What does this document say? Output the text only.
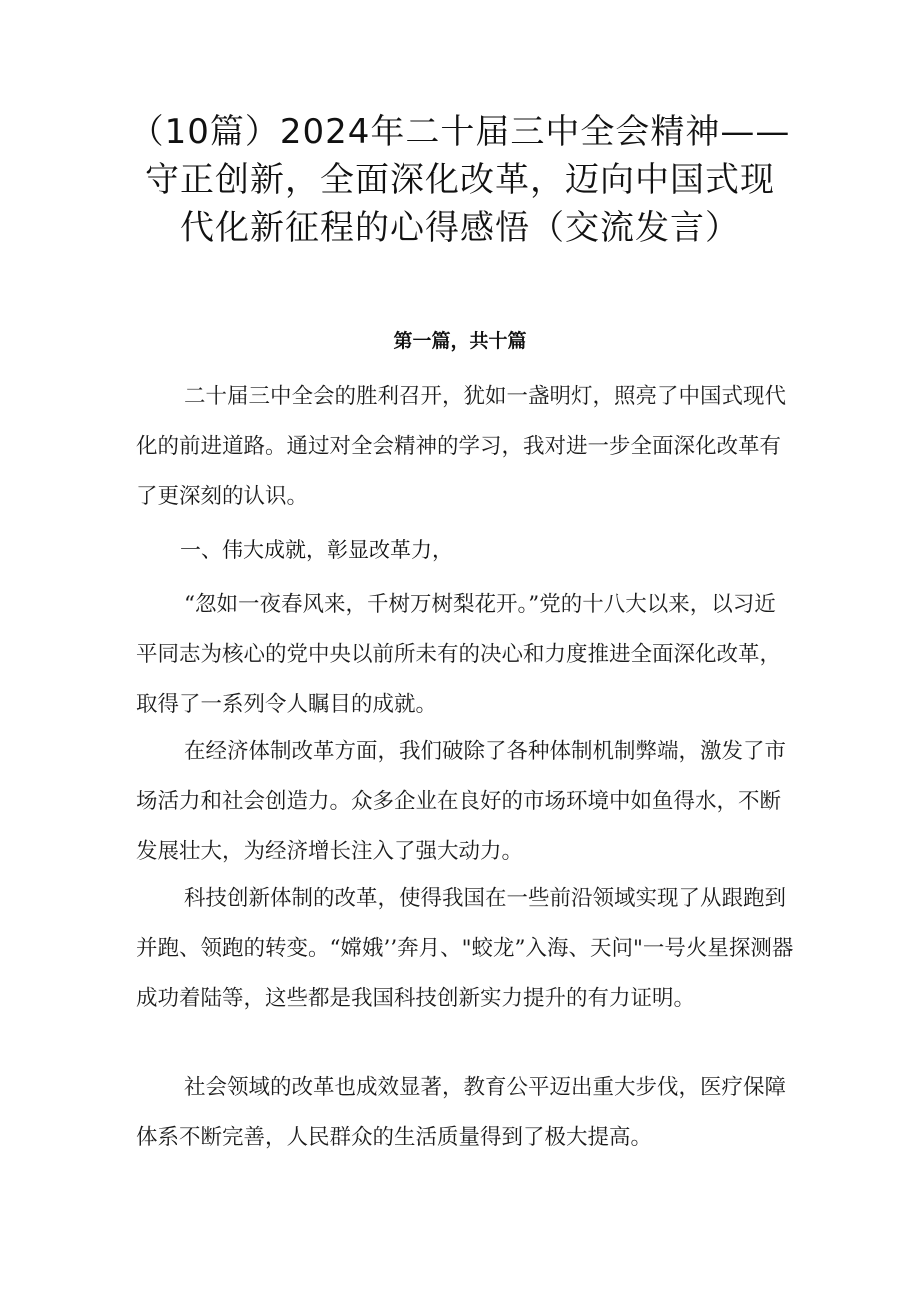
（10篇）2024年二十届三中全会精神——
守正创新，全面深化改革，迈向中国式现
代化新征程的心得感悟（交流发言）
第一篇，共十篇

二十届三中全会的胜利召开，犹如一盏明灯，照亮了中国式现代化的前进道路。通过对全会精神的学习，我对进一步全面深化改革有了更深刻的认识。

一、伟大成就，彰显改革力，

“忽如一夜春风来，千树万树梨花开。”党的十八大以来，以习近平同志为核心的党中央以前所未有的决心和力度推进全面深化改革，取得了一系列令人瞩目的成就。

在经济体制改革方面，我们破除了各种体制机制弊端，激发了市场活力和社会创造力。众多企业在良好的市场环境中如鱼得水，不断发展壮大，为经济增长注入了强大动力。

科技创新体制的改革，使得我国在一些前沿领域实现了从跟跑到并跑、领跑的转变。“嫦娥’’奔月、"蛟龙”入海、天问"一号火星探测器成功着陆等，这些都是我国科技创新实力提升的有力证明。

社会领域的改革也成效显著，教育公平迈出重大步伐，医疗保障体系不断完善，人民群众的生活质量得到了极大提高。
